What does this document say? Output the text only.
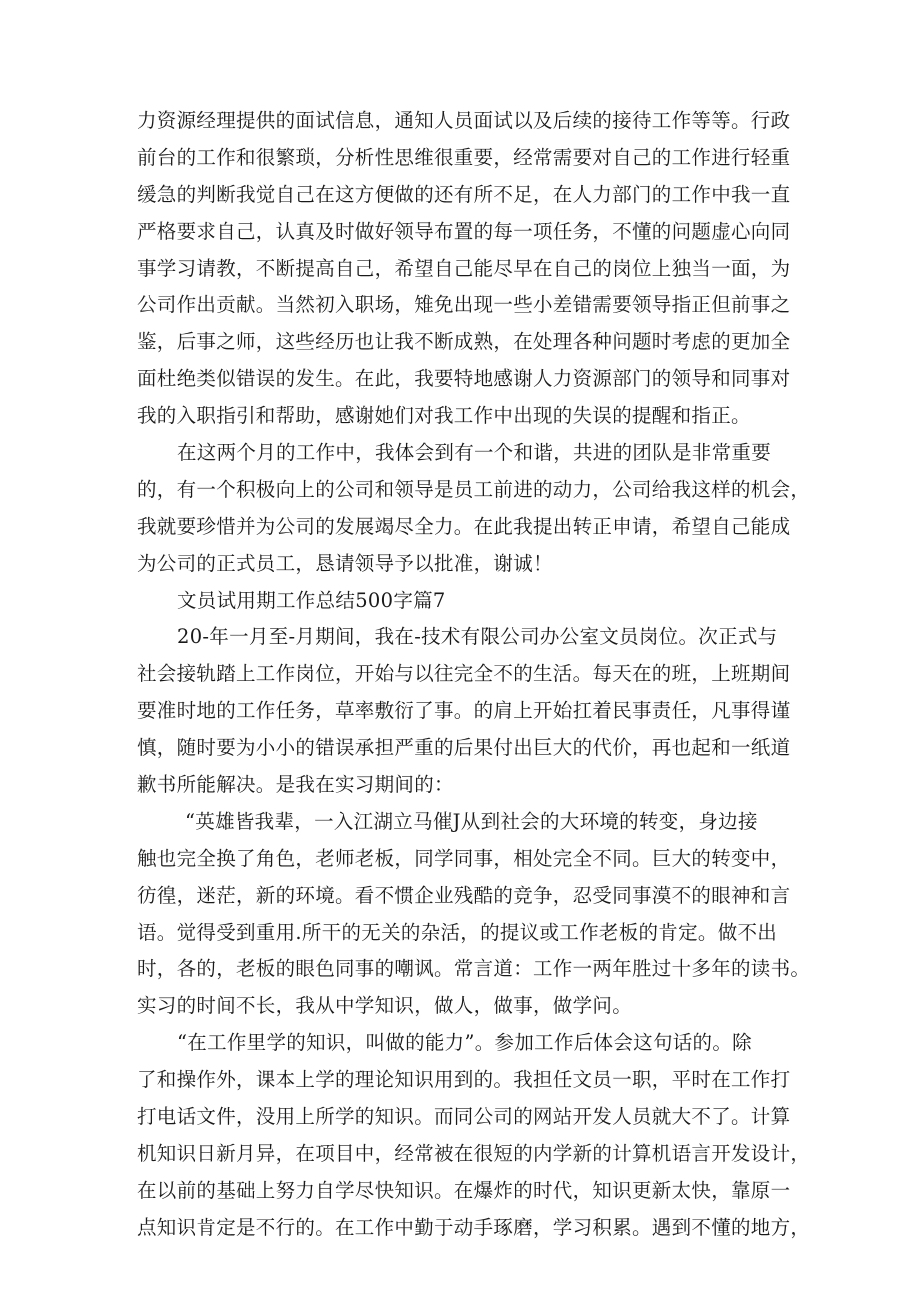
力资源经理提供的面试信息，通知人员面试以及后续的接待工作等等。行政
前台的工作和很繁琐，分析性思维很重要，经常需要对自己的工作进行轻重
缓急的判断我觉自己在这方便做的还有所不足，在人力部门的工作中我一直
严格要求自己，认真及时做好领导布置的每一项任务，不懂的问题虚心向同
事学习请教，不断提高自己，希望自己能尽早在自己的岗位上独当一面，为
公司作出贡献。当然初入职场，雉免出现一些小差错需要领导指正但前事之
鉴，后事之师，这些经历也让我不断成熟，在处理各种问题时考虑的更加全
面杜绝类似错误的发生。在此，我要特地感谢人力资源部门的领导和同事对
我的入职指引和帮助，感谢她们对我工作中出现的失误的提醒和指正。
在这两个月的工作中，我体会到有一个和谐，共进的团队是非常重要
的，有一个积极向上的公司和领导是员工前进的动力，公司给我这样的机会，
我就要珍惜并为公司的发展竭尽全力。在此我提出转正申请，希望自己能成
为公司的正式员工，恳请领导予以批准，谢诚！
文员试用期工作总结500字篇7
20-年一月至-月期间，我在-技术有限公司办公室文员岗位。次正式与
社会接轨踏上工作岗位，开始与以往完全不的生活。每天在的班，上班期间
要准时地的工作任务，草率敷衍了事。的肩上开始扛着民事责任，凡事得谨
慎，随时要为小小的错误承担严重的后果付出巨大的代价，再也起和一纸道
歉书所能解决。是我在实习期间的：
“英雄皆我辈，一入江湖立马催J从到社会的大环境的转变，身边接
触也完全换了角色，老师老板，同学同事，相处完全不同。巨大的转变中，
彷徨，迷茫，新的环境。看不惯企业残酷的竞争，忍受同事漠不的眼神和言
语。觉得受到重用.所干的无关的杂活，的提议或工作老板的肯定。做不出
时，各的，老板的眼色同事的嘲讽。常言道：工作一两年胜过十多年的读书。
实习的时间不长，我从中学知识，做人，做事，做学问。
“在工作里学的知识，叫做的能力”。参加工作后体会这句话的。除
了和操作外，课本上学的理论知识用到的。我担任文员一职，平时在工作打
打电话文件，没用上所学的知识。而同公司的网站开发人员就大不了。计算
机知识日新月异，在项目中，经常被在很短的内学新的计算机语言开发设计，
在以前的基础上努力自学尽快知识。在爆炸的时代，知识更新太快，靠原一
点知识肯定是不行的。在工作中勤于动手琢磨，学习积累。遇到不懂的地方，
